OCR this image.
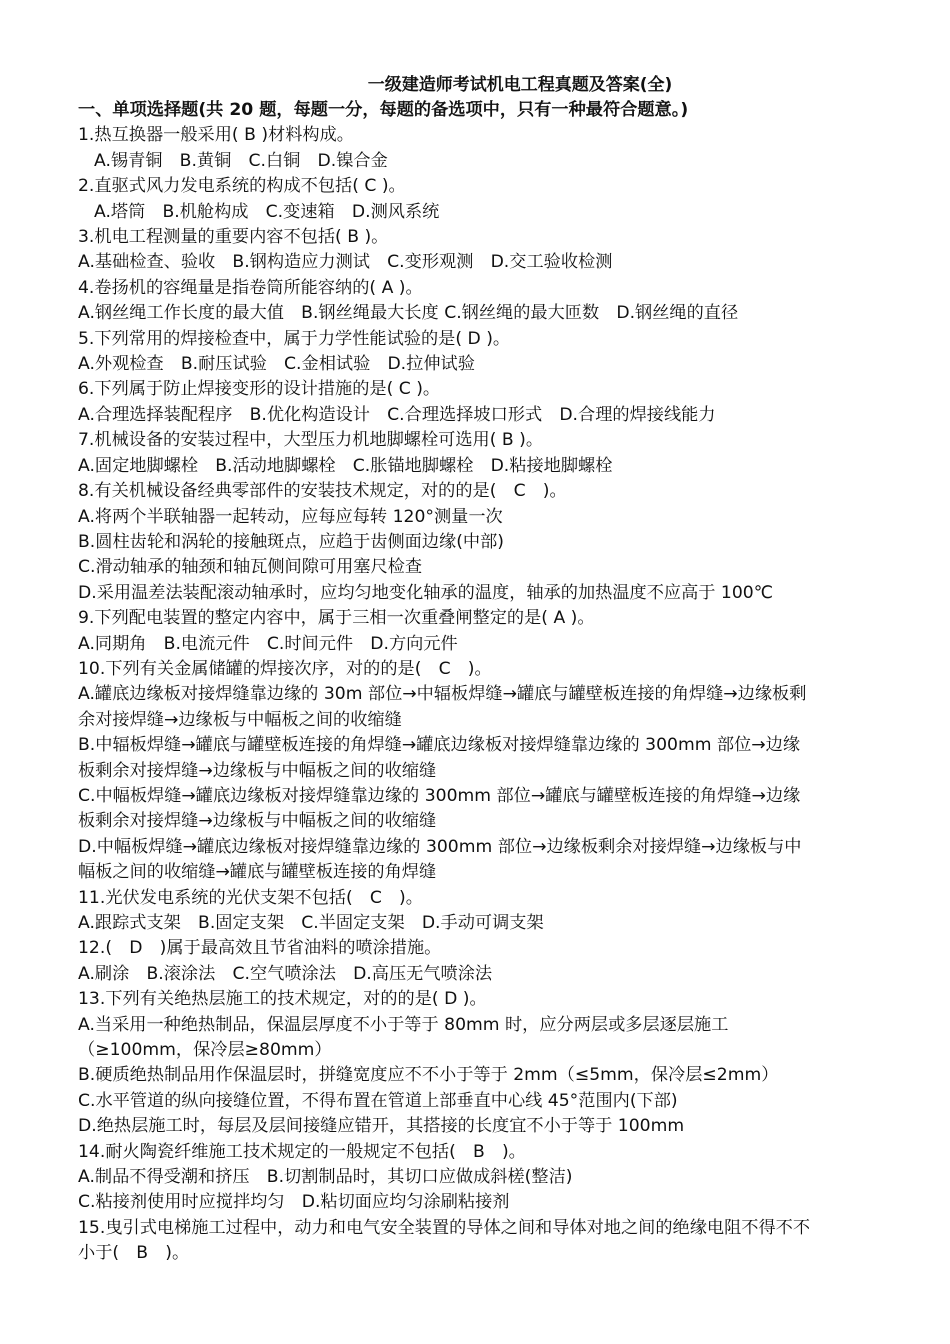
一级建造师考试机电工程真题及答案(全)
一、单项选择题(共 20 题，每题一分，每题的备选项中，只有一种最符合题意。)
1.热互换器一般采用( B )材料构成。
A.锡青铜　B.黄铜　C.白铜　D.镍合金
2.直驱式风力发电系统的构成不包括( C )。
A.塔筒　B.机舱构成　C.变速箱　D.测风系统
3.机电工程测量的重要内容不包括( B )。
A.基础检查、验收　B.钢构造应力测试　C.变形观测　D.交工验收检测
4.卷扬机的容绳量是指卷筒所能容纳的( A )。
A.钢丝绳工作长度的最大值　B.钢丝绳最大长度 C.钢丝绳的最大匝数　D.钢丝绳的直径
5.下列常用的焊接检查中，属于力学性能试验的是( D )。
A.外观检查　B.耐压试验　C.金相试验　D.拉伸试验
6.下列属于防止焊接变形的设计措施的是( C )。
A.合理选择装配程序　B.优化构造设计　C.合理选择坡口形式　D.合理的焊接线能力
7.机械设备的安装过程中，大型压力机地脚螺栓可选用( B )。
A.固定地脚螺栓　B.活动地脚螺栓　C.胀锚地脚螺栓　D.粘接地脚螺栓
8.有关机械设备经典零部件的安装技术规定，对的的是(　C　)。
A.将两个半联轴器一起转动，应每应每转 120°测量一次
B.圆柱齿轮和涡轮的接触斑点，应趋于齿侧面边缘(中部)
C.滑动轴承的轴颈和轴瓦侧间隙可用塞尺检查
D.采用温差法装配滚动轴承时，应均匀地变化轴承的温度，轴承的加热温度不应高于 100℃
9.下列配电装置的整定内容中，属于三相一次重叠闸整定的是( A )。
A.同期角　B.电流元件　C.时间元件　D.方向元件
10.下列有关金属储罐的焊接次序，对的的是(　C　)。
A.罐底边缘板对接焊缝靠边缘的 30m 部位→中辐板焊缝→罐底与罐壁板连接的角焊缝→边缘板剩
余对接焊缝→边缘板与中幅板之间的收缩缝
B.中辐板焊缝→罐底与罐壁板连接的角焊缝→罐底边缘板对接焊缝靠边缘的 300mm 部位→边缘
板剩余对接焊缝→边缘板与中幅板之间的收缩缝
C.中幅板焊缝→罐底边缘板对接焊缝靠边缘的 300mm 部位→罐底与罐壁板连接的角焊缝→边缘
板剩余对接焊缝→边缘板与中幅板之间的收缩缝
D.中幅板焊缝→罐底边缘板对接焊缝靠边缘的 300mm 部位→边缘板剩余对接焊缝→边缘板与中
幅板之间的收缩缝→罐底与罐壁板连接的角焊缝
11.光伏发电系统的光伏支架不包括(　C　)。
A.跟踪式支架　B.固定支架　C.半固定支架　D.手动可调支架
12.(　D　)属于最高效且节省油料的喷涂措施。
A.刷涂　B.滚涂法　C.空气喷涂法　D.高压无气喷涂法
13.下列有关绝热层施工的技术规定，对的的是( D )。
A.当采用一种绝热制品，保温层厚度不小于等于 80mm 时，应分两层或多层逐层施工
（≥100mm，保冷层≥80mm）
B.硬质绝热制品用作保温层时，拼缝宽度应不不小于等于 2mm（≤5mm，保冷层≤2mm）
C.水平管道的纵向接缝位置，不得布置在管道上部垂直中心线 45°范围内(下部)
D.绝热层施工时，每层及层间接缝应错开，其搭接的长度宜不小于等于 100mm
14.耐火陶瓷纤维施工技术规定的一般规定不包括(　B　)。
A.制品不得受潮和挤压　B.切割制品时，其切口应做成斜槎(整洁)
C.粘接剂使用时应搅拌均匀　D.粘切面应均匀涂刷粘接剂
15.曳引式电梯施工过程中，动力和电气安全装置的导体之间和导体对地之间的绝缘电阻不得不不
小于(　B　)。
